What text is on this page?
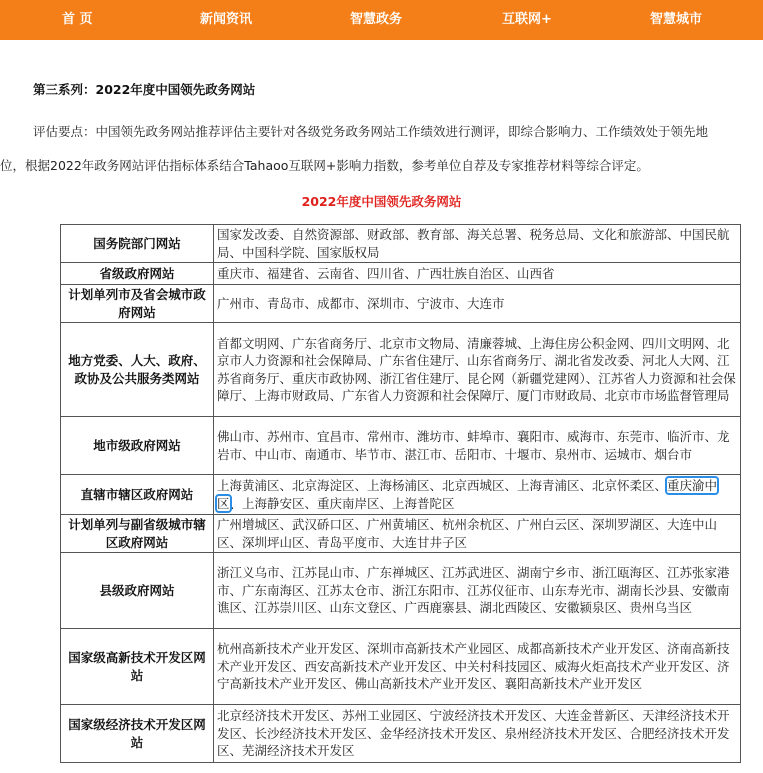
首 页	新闻资讯	智慧政务	互联网+	智慧城市
第三系列：2022年度中国领先政务网站
评估要点：中国领先政务网站推荐评估主要针对各级党务政务网站工作绩效进行测评，即综合影响力、工作绩效处于领先地
位，根据2022年政务网站评估指标体系结合Tahaoo互联网+影响力指数，参考单位自荐及专家推荐材料等综合评定。
2022年度中国领先政务网站
国务院部门网站	国家发改委、自然资源部、财政部、教育部、海关总署、税务总局、文化和旅游部、中国民航局、中国科学院、国家版权局
省级政府网站	重庆市、福建省、云南省、四川省、广西壮族自治区、山西省
计划单列市及省会城市政府网站	广州市、青岛市、成都市、深圳市、宁波市、大连市
地方党委、人大、政府、政协及公共服务类网站	首都文明网、广东省商务厅、北京市文物局、清廉蓉城、上海住房公积金网、四川文明网、北京市人力资源和社会保障局、广东省住建厅、山东省商务厅、湖北省发改委、河北人大网、江苏省商务厅、重庆市政协网、浙江省住建厅、昆仑网（新疆党建网）、江苏省人力资源和社会保障厅、上海市财政局、广东省人力资源和社会保障厅、厦门市财政局、北京市市场监督管理局
地市级政府网站	佛山市、苏州市、宜昌市、常州市、潍坊市、蚌埠市、襄阳市、威海市、东莞市、临沂市、龙岩市、中山市、南通市、毕节市、湛江市、岳阳市、十堰市、泉州市、运城市、烟台市
直辖市辖区政府网站	上海黄浦区、北京海淀区、上海杨浦区、北京西城区、上海青浦区、北京怀柔区、重庆渝中区、上海静安区、重庆南岸区、上海普陀区
计划单列与副省级城市辖区政府网站	广州增城区、武汉硚口区、广州黄埔区、杭州余杭区、广州白云区、深圳罗湖区、大连中山区、深圳坪山区、青岛平度市、大连甘井子区
县级政府网站	浙江义乌市、江苏昆山市、广东禅城区、江苏武进区、湖南宁乡市、浙江瓯海区、江苏张家港市、广东南海区、江苏太仓市、浙江东阳市、江苏仪征市、山东寿光市、湖南长沙县、安徽南谯区、江苏崇川区、山东文登区、广西鹿寨县、湖北西陵区、安徽颍泉区、贵州乌当区
国家级高新技术开发区网站	杭州高新技术产业开发区、深圳市高新技术产业园区、成都高新技术产业开发区、济南高新技术产业开发区、西安高新技术产业开发区、中关村科技园区、威海火炬高技术产业开发区、济宁高新技术产业开发区、佛山高新技术产业开发区、襄阳高新技术产业开发区
国家级经济技术开发区网站	北京经济技术开发区、苏州工业园区、宁波经济技术开发区、大连金普新区、天津经济技术开发区、长沙经济技术开发区、金华经济技术开发区、泉州经济技术开发区、合肥经济技术开发区、芜湖经济技术开发区
